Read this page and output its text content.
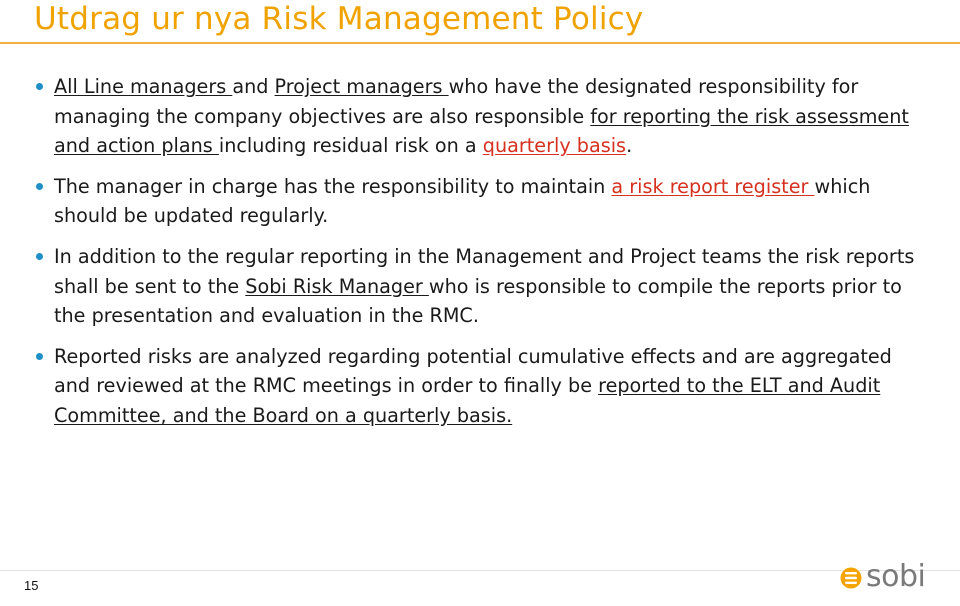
Utdrag ur nya Risk Management Policy
All Line managers and Project managers who have the designated responsibility for managing the company objectives are also responsible for reporting the risk assessment and action plans including residual risk on a quarterly basis.
The manager in charge has the responsibility to maintain a risk report register which should be updated regularly.
In addition to the regular reporting in the Management and Project teams the risk reports shall be sent to the Sobi Risk Manager who is responsible to compile the reports prior to the presentation and evaluation in the RMC.
Reported risks are analyzed regarding potential cumulative effects and are aggregated and reviewed at the RMC meetings in order to finally be reported to the ELT and Audit Committee, and the Board on a quarterly basis.
15	sobi
